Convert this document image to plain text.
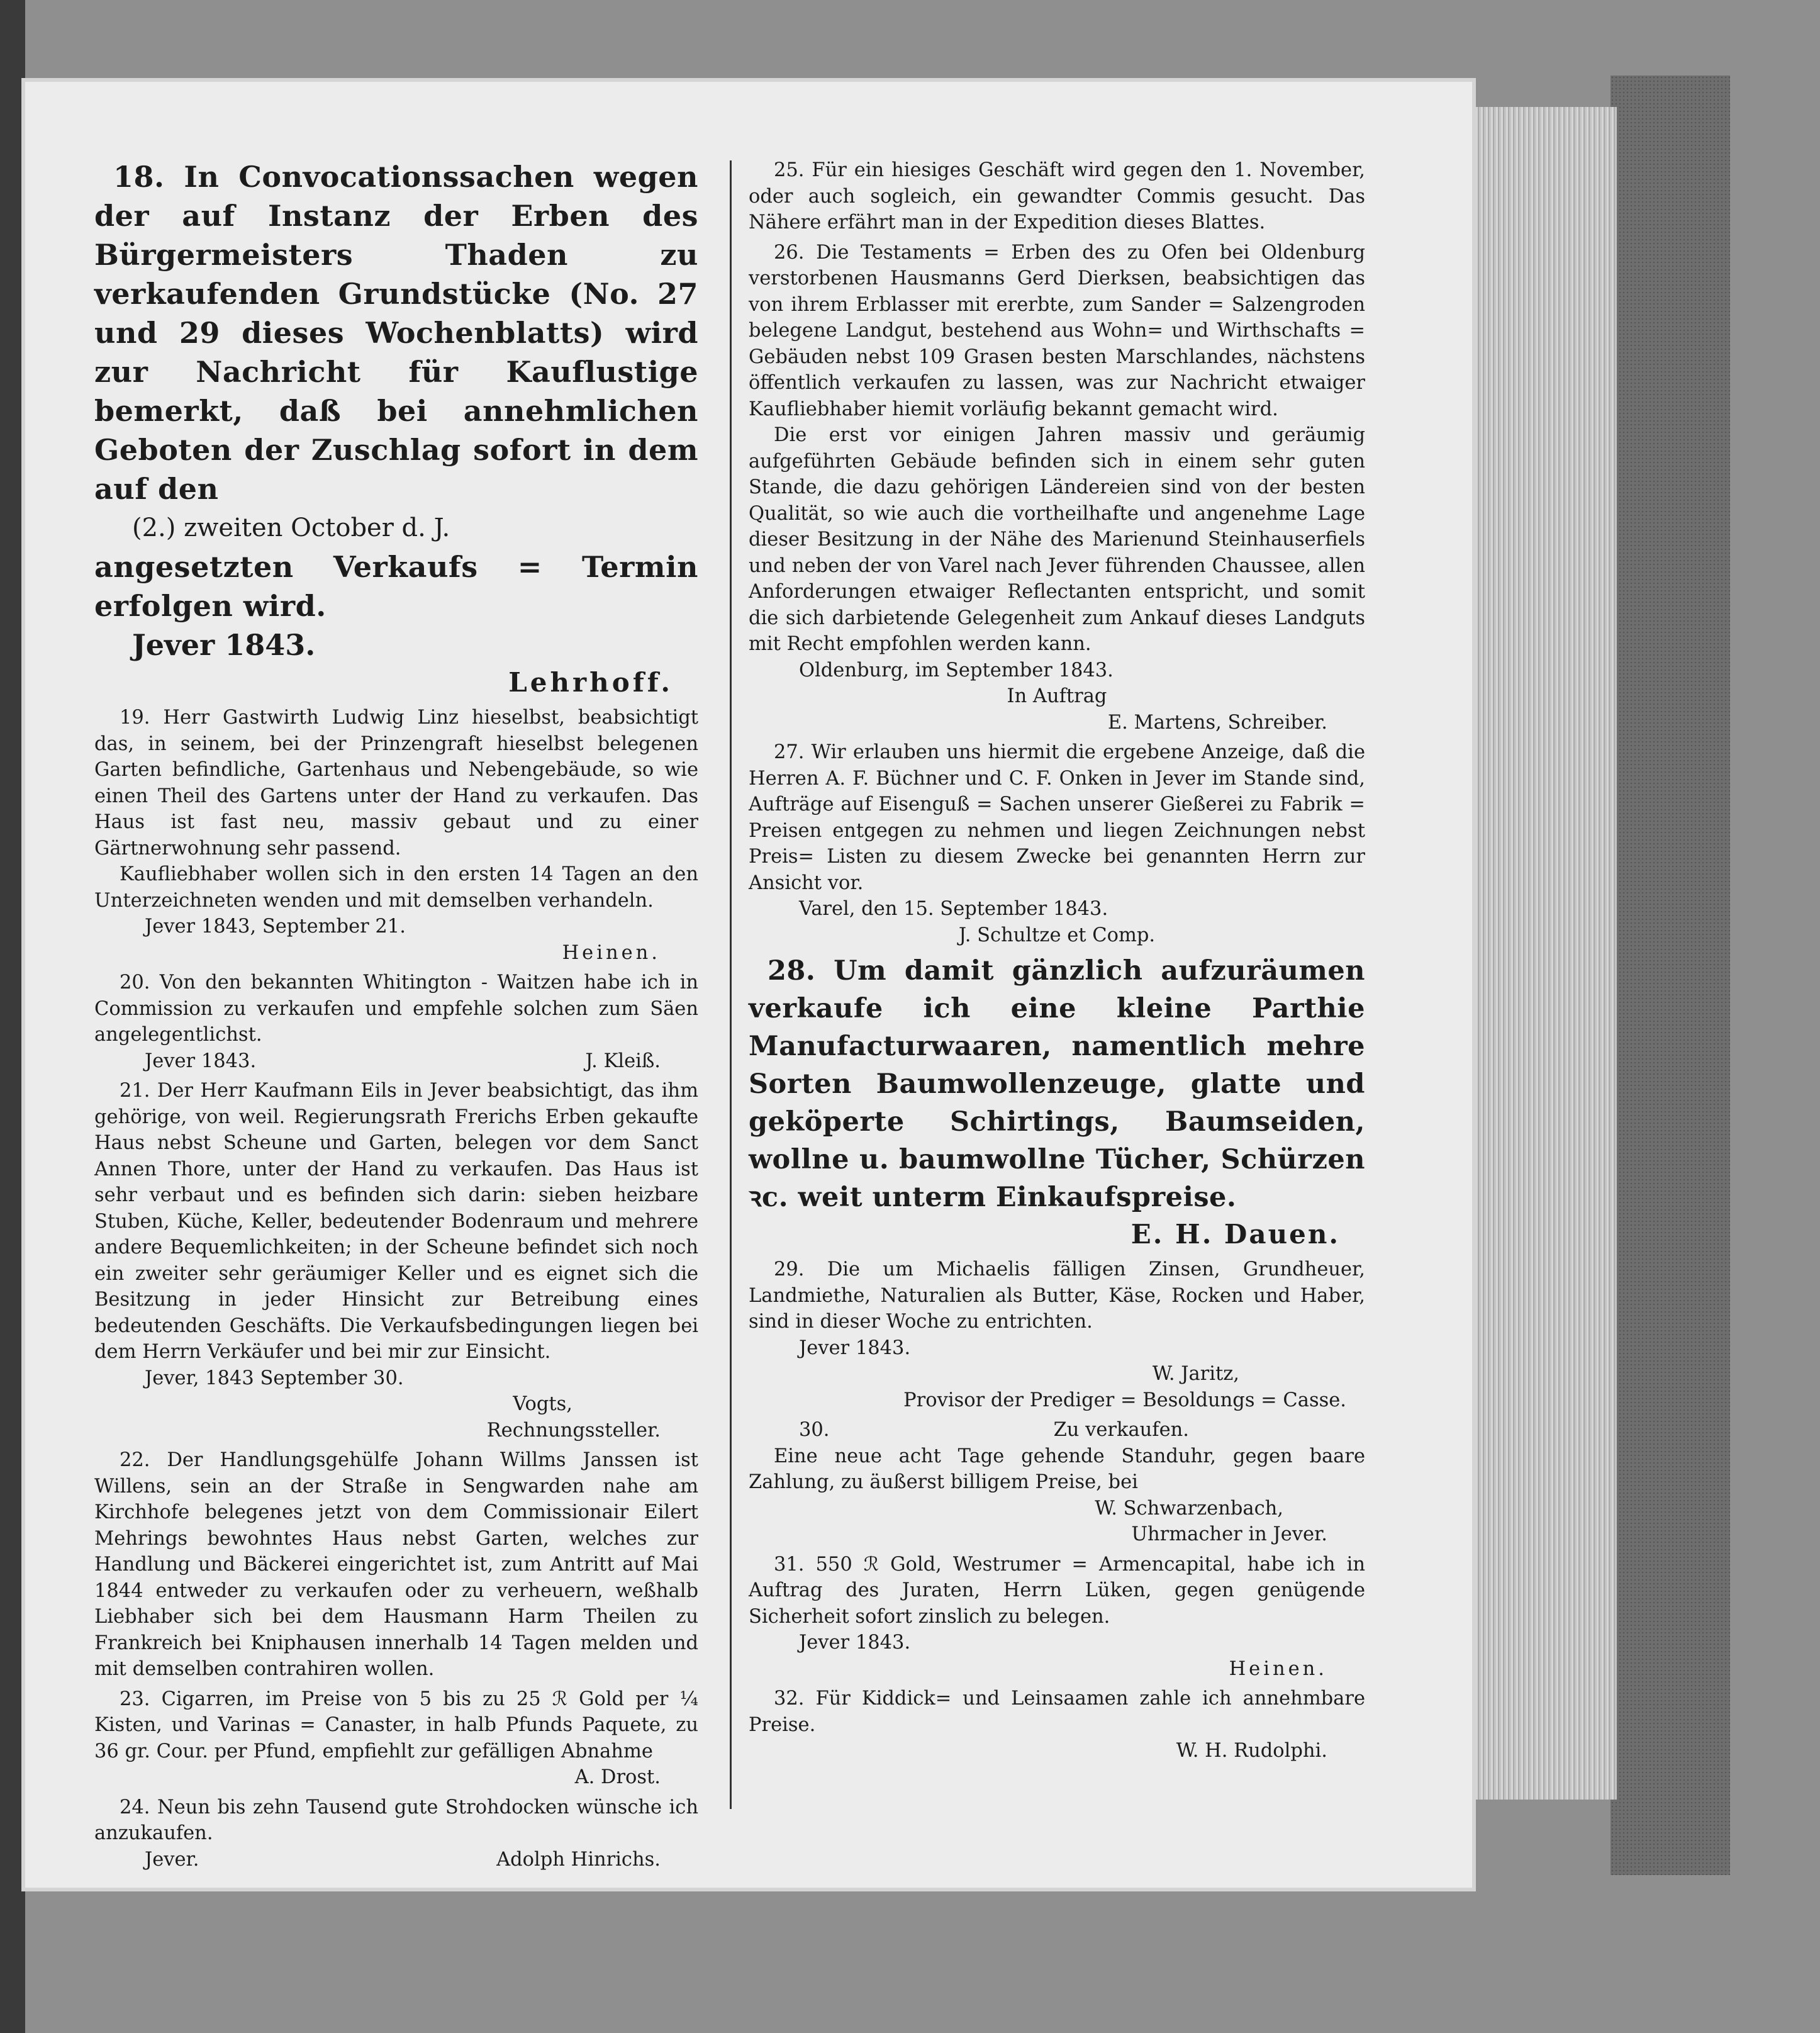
18. In Convocationssachen wegen der auf Instanz der Erben des Bürgermeisters Thaden zu verkaufenden Grundstücke (No. 27 und 29 dieses Wochenblatts) wird zur Nachricht für Kauflustige bemerkt, daß bei annehmlichen Geboten der Zuschlag sofort in dem auf den

(2.) zweiten October d. J.

angesetzten Verkaufs = Termin erfolgen wird.

Jever 1843.

Lehrhoff.

19. Herr Gastwirth Ludwig Linz hieselbst, beabsichtigt das, in seinem, bei der Prinzengraft hieselbst belegenen Garten befindliche, Gartenhaus und Nebengebäude, so wie einen Theil des Gartens unter der Hand zu verkaufen. Das Haus ist fast neu, massiv gebaut und zu einer Gärtnerwohnung sehr passend.

Kaufliebhaber wollen sich in den ersten 14 Tagen an den Unterzeichneten wenden und mit demselben verhandeln.

Jever 1843, September 21.

Heinen.

20. Von den bekannten Whitington - Waitzen habe ich in Commission zu verkaufen und empfehle solchen zum Säen angelegentlichst.

Jever 1843.	J. Kleiß.

21. Der Herr Kaufmann Eils in Jever beabsichtigt, das ihm gehörige, von weil. Regierungsrath Frerichs Erben gekaufte Haus nebst Scheune und Garten, belegen vor dem Sanct Annen Thore, unter der Hand zu verkaufen. Das Haus ist sehr verbaut und es befinden sich darin: sieben heizbare Stuben, Küche, Keller, bedeutender Bodenraum und mehrere andere Bequemlichkeiten; in der Scheune befindet sich noch ein zweiter sehr geräumiger Keller und es eignet sich die Besitzung in jeder Hinsicht zur Betreibung eines bedeutenden Geschäfts. Die Verkaufsbedingungen liegen bei dem Herrn Verkäufer und bei mir zur Einsicht.

Jever, 1843 September 30.

Vogts,

Rechnungssteller.

22. Der Handlungsgehülfe Johann Willms Janssen ist Willens, sein an der Straße in Sengwarden nahe am Kirchhofe belegenes jetzt von dem Commissionair Eilert Mehrings bewohntes Haus nebst Garten, welches zur Handlung und Bäckerei eingerichtet ist, zum Antritt auf Mai 1844 entweder zu verkaufen oder zu verheuern, weßhalb Liebhaber sich bei dem Hausmann Harm Theilen zu Frankreich bei Kniphausen innerhalb 14 Tagen melden und mit demselben contrahiren wollen.

23. Cigarren, im Preise von 5 bis zu 25 ℛ Gold per ¼ Kisten, und Varinas = Canaster, in halb Pfunds Paquete, zu 36 gr. Cour. per Pfund, empfiehlt zur gefälligen Abnahme

A. Drost.

24. Neun bis zehn Tausend gute Strohdocken wünsche ich anzukaufen.

Jever.	Adolph Hinrichs.

25. Für ein hiesiges Geschäft wird gegen den 1. November, oder auch sogleich, ein gewandter Commis gesucht. Das Nähere erfährt man in der Expedition dieses Blattes.

26. Die Testaments = Erben des zu Ofen bei Oldenburg verstorbenen Hausmanns Gerd Dierksen, beabsichtigen das von ihrem Erblasser mit ererbte, zum Sander = Salzengroden belegene Landgut, bestehend aus Wohn= und Wirthschafts = Gebäuden nebst 109 Grasen besten Marschlandes, nächstens öffentlich verkaufen zu lassen, was zur Nachricht etwaiger Kaufliebhaber hiemit vorläufig bekannt gemacht wird.

Die erst vor einigen Jahren massiv und geräumig aufgeführten Gebäude befinden sich in einem sehr guten Stande, die dazu gehörigen Ländereien sind von der besten Qualität, so wie auch die vortheilhafte und angenehme Lage dieser Besitzung in der Nähe des Marienund Steinhauserfiels und neben der von Varel nach Jever führenden Chaussee, allen Anforderungen etwaiger Reflectanten entspricht, und somit die sich darbietende Gelegenheit zum Ankauf dieses Landguts mit Recht empfohlen werden kann.

Oldenburg, im September 1843.

In Auftrag

E. Martens, Schreiber.

27. Wir erlauben uns hiermit die ergebene Anzeige, daß die Herren A. F. Büchner und C. F. Onken in Jever im Stande sind, Aufträge auf Eisenguß = Sachen unserer Gießerei zu Fabrik = Preisen entgegen zu nehmen und liegen Zeichnungen nebst Preis= Listen zu diesem Zwecke bei genannten Herrn zur Ansicht vor.

Varel, den 15. September 1843.

J. Schultze et Comp.

28. Um damit gänzlich aufzuräumen verkaufe ich eine kleine Parthie Manufacturwaaren, namentlich mehre Sorten Baumwollenzeuge, glatte und geköperte Schirtings, Baumseiden, wollne u. baumwollne Tücher, Schürzen ꝛc. weit unterm Einkaufspreise.

E. H. Dauen.

29. Die um Michaelis fälligen Zinsen, Grundheuer, Landmiethe, Naturalien als Butter, Käse, Rocken und Haber, sind in dieser Woche zu entrichten.

Jever 1843.

W. Jaritz,

Provisor der Prediger = Besoldungs = Casse.

30.	Zu verkaufen.

Eine neue acht Tage gehende Standuhr, gegen baare Zahlung, zu äußerst billigem Preise, bei

W. Schwarzenbach,

Uhrmacher in Jever.

31. 550 ℛ Gold, Westrumer = Armencapital, habe ich in Auftrag des Juraten, Herrn Lüken, gegen genügende Sicherheit sofort zinslich zu belegen.

Jever 1843.

Heinen.

32. Für Kiddick= und Leinsaamen zahle ich annehmbare Preise.

W. H. Rudolphi.
